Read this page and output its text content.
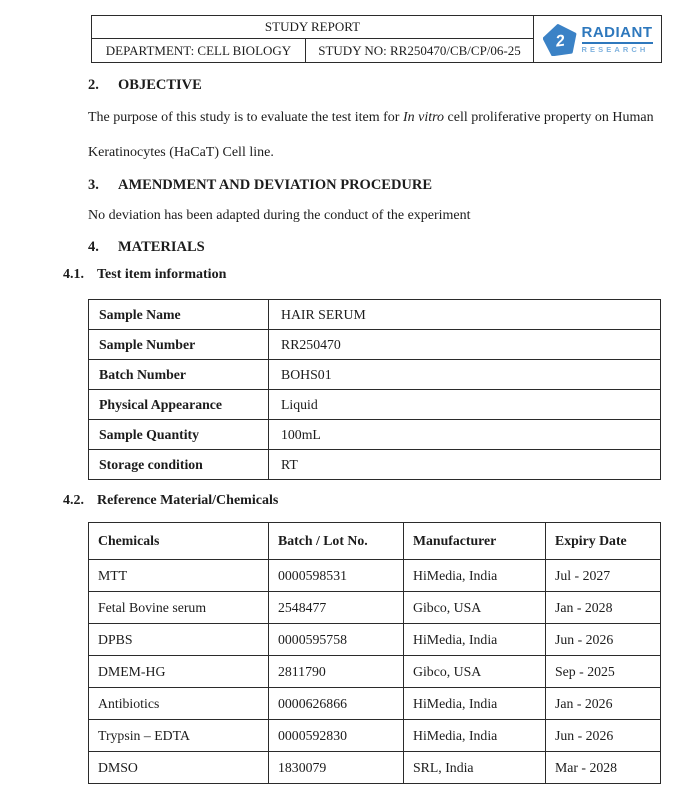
STUDY REPORT
DEPARTMENT: CELL BIOLOGY	STUDY NO: RR250470/CB/CP/06-25	2 RADIANT
RESEARCH
2.	OBJECTIVE
The purpose of this study is to evaluate the test item for In vitro cell proliferative property on Human
Keratinocytes (HaCaT) Cell line.
3.	AMENDMENT AND DEVIATION PROCEDURE
No deviation has been adapted during the conduct of the experiment
4.	MATERIALS
4.1. Test item information
Sample Name	HAIR SERUM
Sample Number	RR250470
Batch Number	BOHS01
Physical Appearance	Liquid
Sample Quantity	100mL
Storage condition	RT
4.2. Reference Material/Chemicals
Chemicals	Batch / Lot No.	Manufacturer	Expiry Date
MTT	0000598531	HiMedia, India	Jul - 2027
Fetal Bovine serum	2548477	Gibco, USA	Jan - 2028
DPBS	0000595758	HiMedia, India	Jun - 2026
DMEM-HG	2811790	Gibco, USA	Sep - 2025
Antibiotics	0000626866	HiMedia, India	Jan - 2026
Trypsin – EDTA	0000592830	HiMedia, India	Jun - 2026
DMSO	1830079	SRL, India	Mar - 2028
